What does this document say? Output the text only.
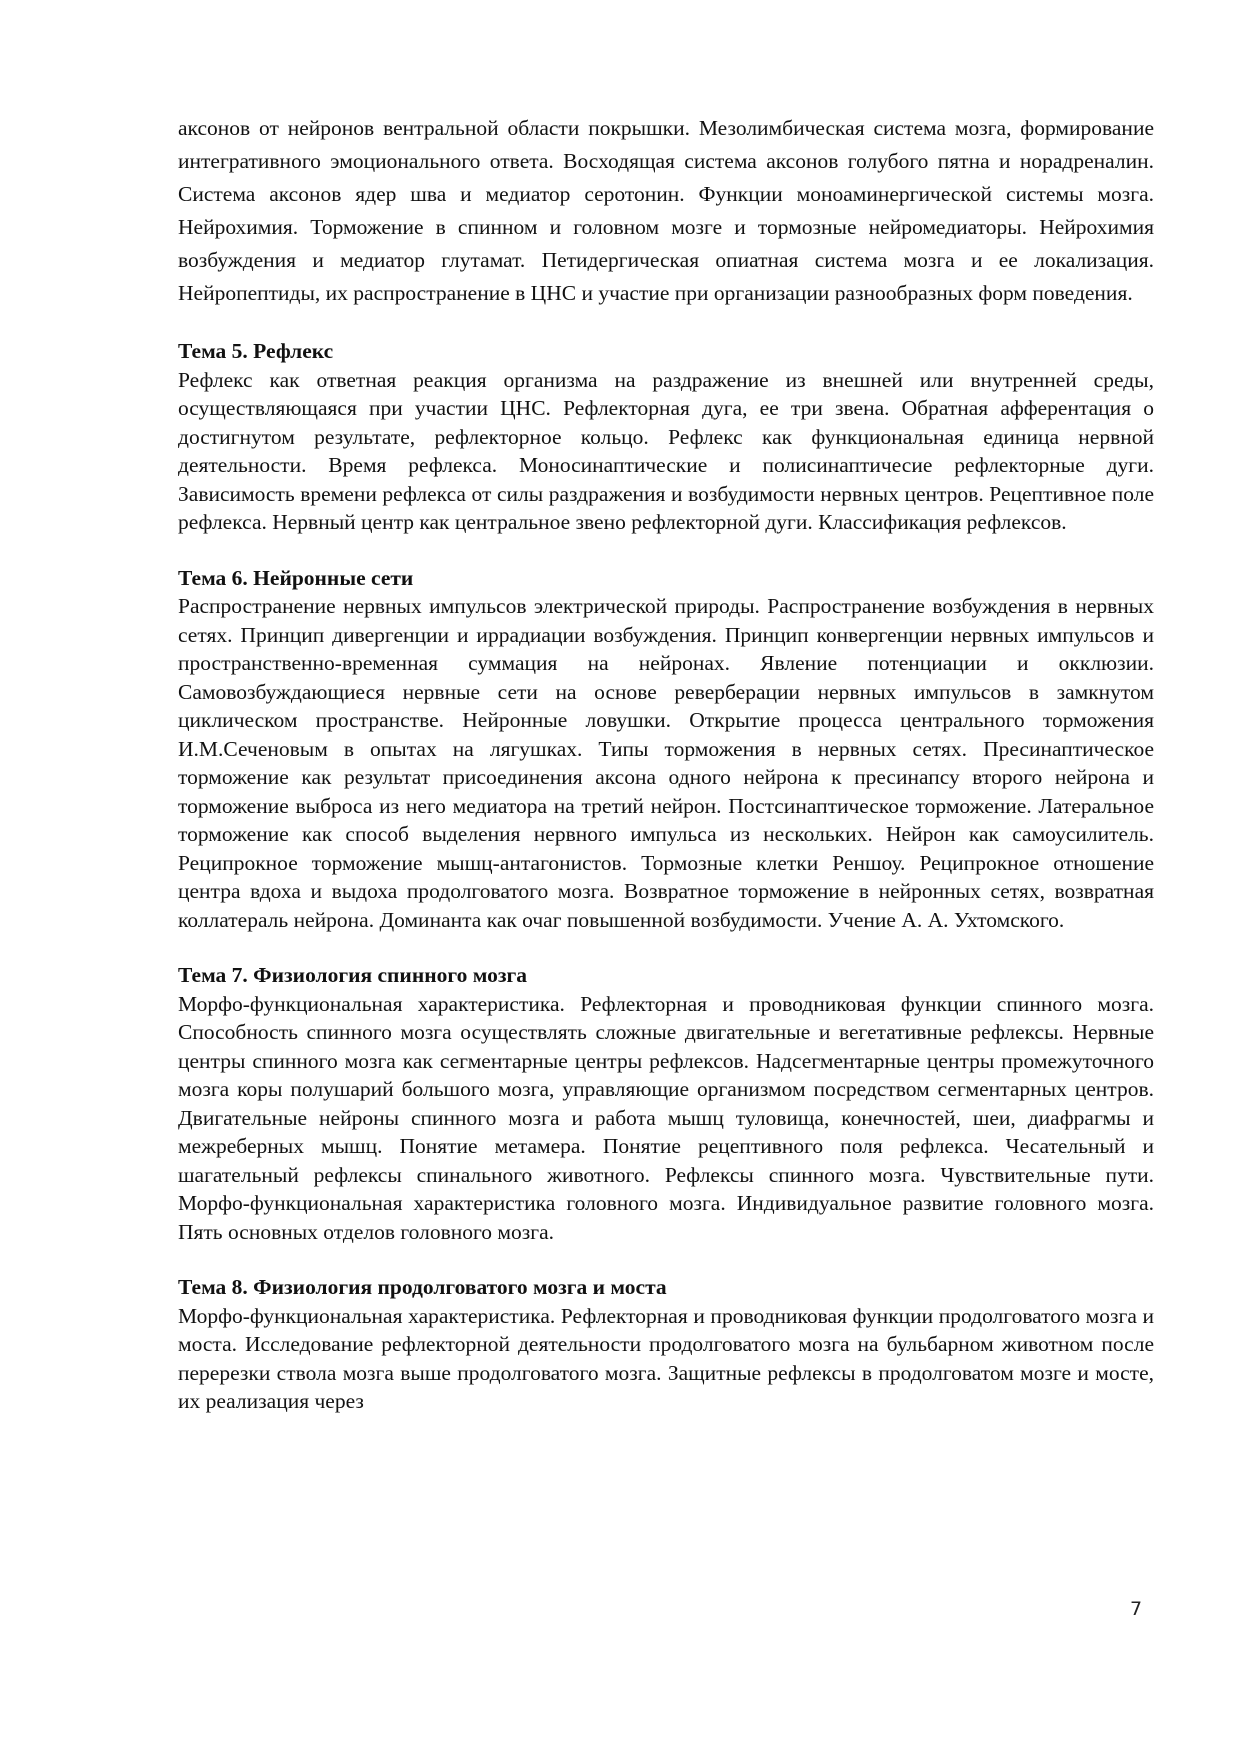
аксонов от нейронов вентральной области покрышки. Мезолимбическая система мозга, формирование интегративного эмоционального ответа. Восходящая система аксонов голубого пятна и норадреналин. Система аксонов ядер шва и медиатор серотонин. Функции моноаминергической системы мозга. Нейрохимия. Торможение в спинном и головном мозге и тормозные нейромедиаторы. Нейрохимия возбуждения и медиатор глутамат. Петидергическая опиатная система мозга и ее локализация. Нейропептиды, их распространение в ЦНС и участие при организации разнообразных форм поведения.

Тема 5. Рефлекс

Рефлекс как ответная реакция организма на раздражение из внешней или внутренней среды, осуществляющаяся при участии ЦНС. Рефлекторная дуга, ее три звена. Обратная афферентация о достигнутом результате, рефлекторное кольцо. Рефлекс как функциональная единица нервной деятельности. Время рефлекса. Моносинаптические и полисинаптичесие рефлекторные дуги. Зависимость времени рефлекса от силы раздражения и возбудимости нервных центров. Рецептивное поле рефлекса. Нервный центр как центральное звено рефлекторной дуги. Классификация рефлексов.

Тема 6. Нейронные сети

Распространение нервных импульсов электрической природы. Распространение возбуждения в нервных сетях. Принцип дивергенции и иррадиации возбуждения. Принцип конвергенции нервных импульсов и пространственно-временная суммация на нейронах. Явление потенциации и окклюзии. Самовозбуждающиеся нервные сети на основе реверберации нервных импульсов в замкнутом циклическом пространстве. Нейронные ловушки. Открытие процесса центрального торможения И.М.Сеченовым в опытах на лягушках. Типы торможения в нервных сетях. Пресинаптическое торможение как результат присоединения аксона одного нейрона к пресинапсу второго нейрона и торможение выброса из него медиатора на третий нейрон. Постсинаптическое торможение. Латеральное торможение как способ выделения нервного импульса из нескольких. Нейрон как самоусилитель. Реципрокное торможение мышц-антагонистов. Тормозные клетки Реншоу. Реципрокное отношение центра вдоха и выдоха продолговатого мозга. Возвратное торможение в нейронных сетях, возвратная коллатераль нейрона. Доминанта как очаг повышенной возбудимости. Учение А. А. Ухтомского.

Тема 7. Физиология спинного мозга

Морфо-функциональная характеристика. Рефлекторная и проводниковая функции спинного мозга. Способность спинного мозга осуществлять сложные двигательные и вегетативные рефлексы. Нервные центры спинного мозга как сегментарные центры рефлексов. Надсегментарные центры промежуточного мозга коры полушарий большого мозга, управляющие организмом посредством сегментарных центров. Двигательные нейроны спинного мозга и работа мышц туловища, конечностей, шеи, диафрагмы и межреберных мышц. Понятие метамера. Понятие рецептивного поля рефлекса. Чесательный и шагательный рефлексы спинального животного. Рефлексы спинного мозга. Чувствительные пути. Морфо-функциональная характеристика головного мозга. Индивидуальное развитие головного мозга. Пять основных отделов головного мозга.

Тема 8. Физиология продолговатого мозга и моста

Морфо-функциональная характеристика. Рефлекторная и проводниковая функции продолговатого мозга и моста. Исследование рефлекторной деятельности продолговатого мозга на бульбарном животном после перерезки ствола мозга выше продолговатого мозга. Защитные рефлексы в продолговатом мозге и мосте, их реализация через

7
